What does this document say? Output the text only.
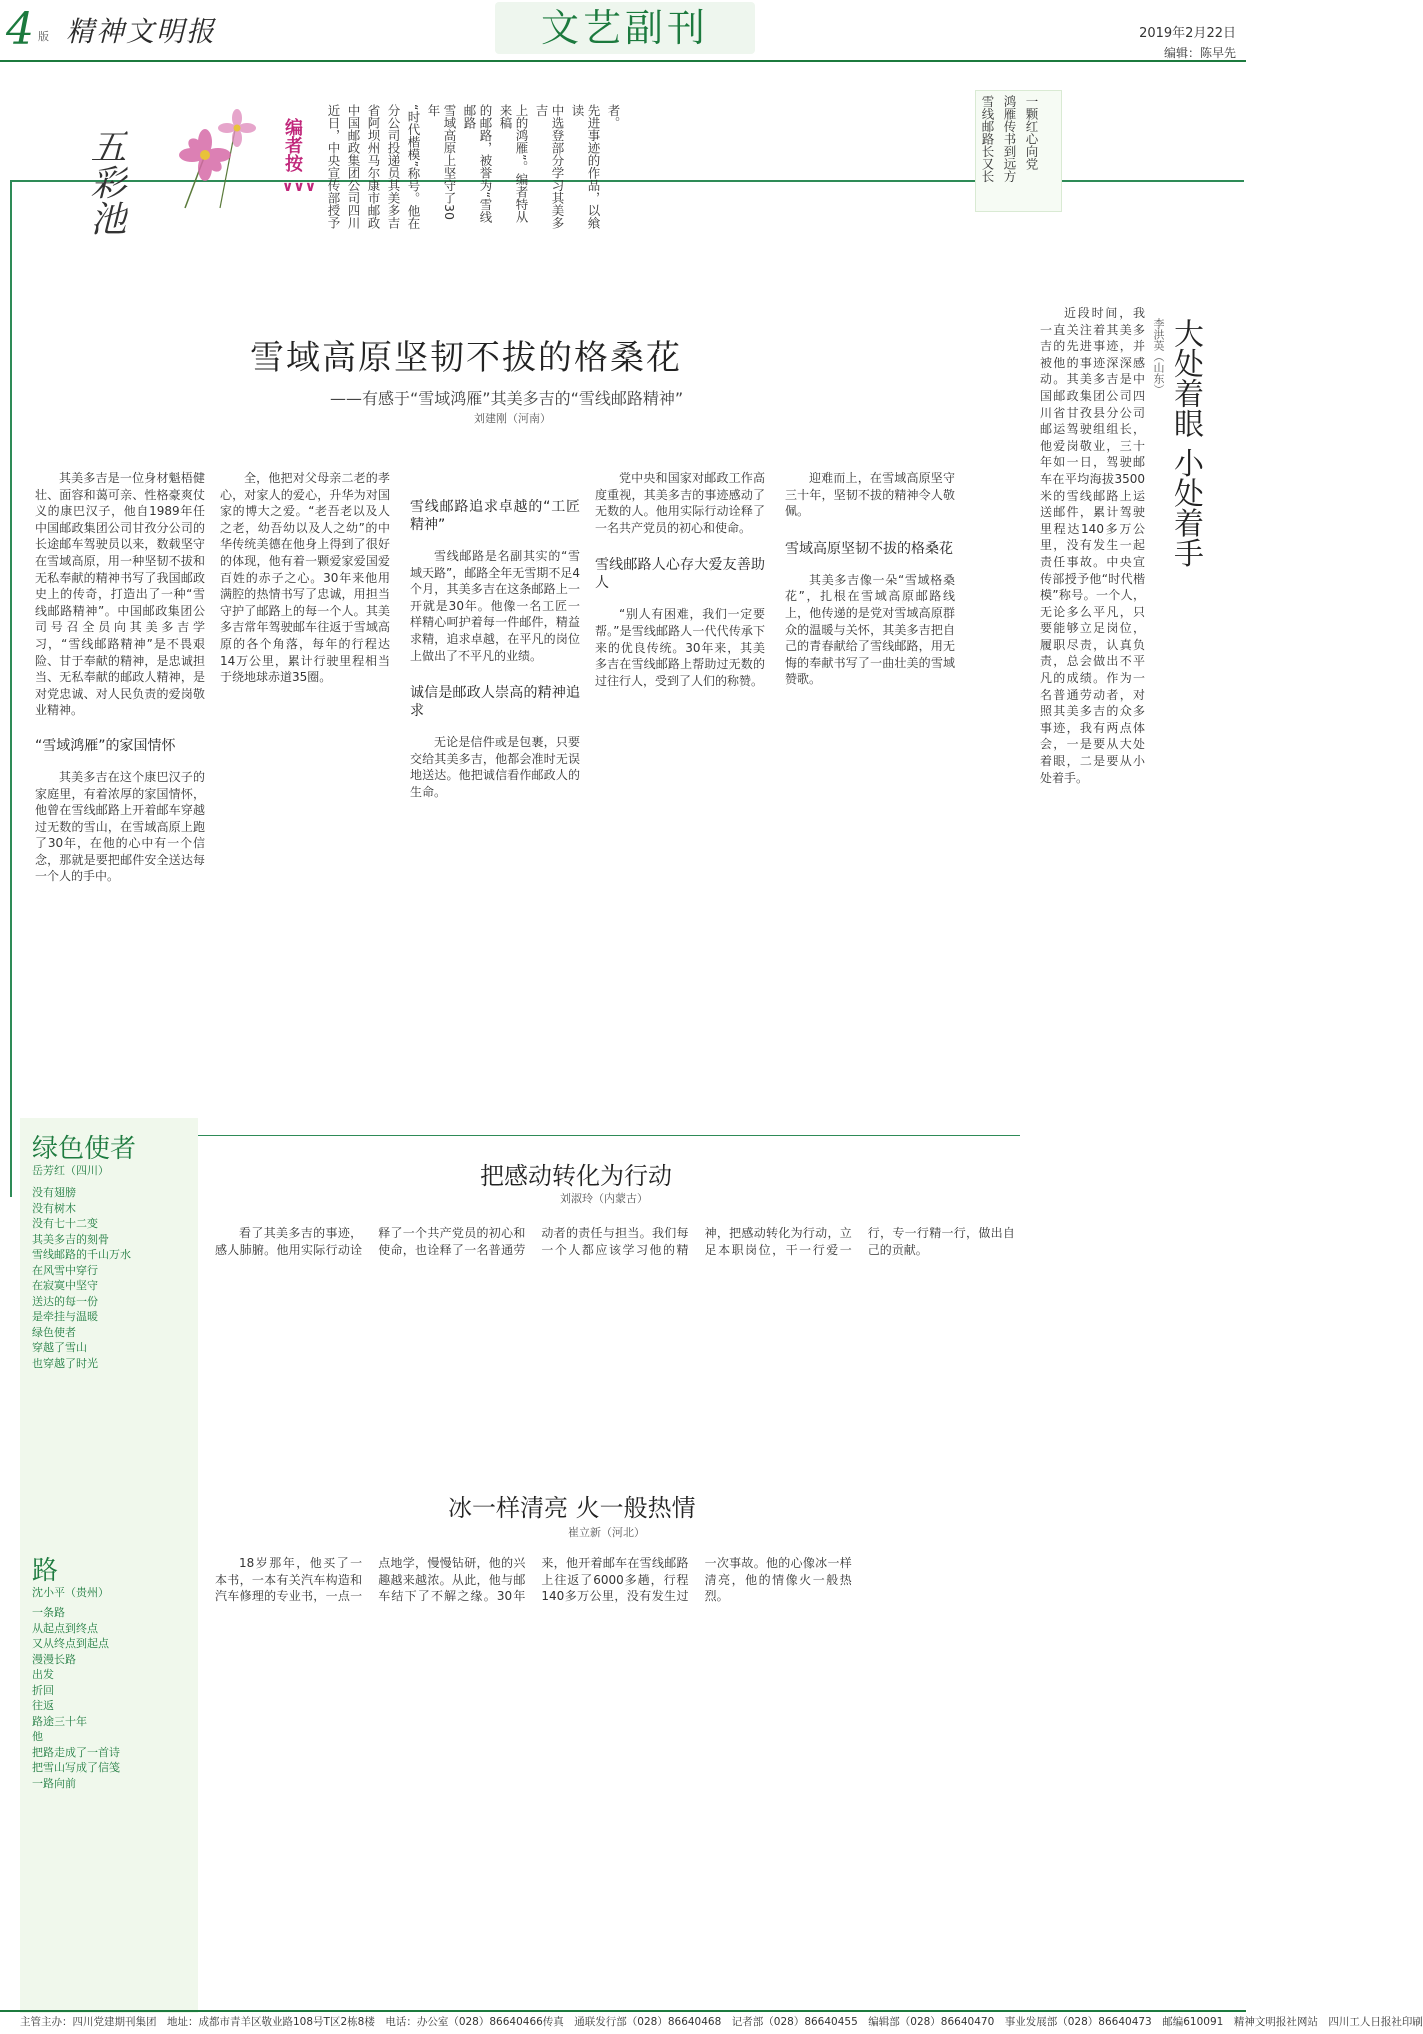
4 版 精神文明报	文艺副刊	2019年2月22日
编辑：陈早先
五彩池	编者按
∨∨∨ 近日，中央宣传部授予 中国邮政集团公司四川 省阿坝州马尔康市邮政 分公司投递员其美多吉 “时代楷模”称号。他在 雪域高原上坚守了30年	的邮路，被誉为“雪线邮路	上的鸿雁”。编者特从来稿	中选登部分学习其美多吉	先进事迹的作品，以飨读 者。	雪线邮路长又长 鸿雁传书到远方 一颗红心向党
雪域高原坚韧不拔的格桑花
——有感于“雪域鸿雁”其美多吉的“雪线邮路精神”
刘建刚（河南）

其美多吉是一位身材魁梧健壮、面容和蔼可亲、性格豪爽仗义的康巴汉子，他自1989年任中国邮政集团公司甘孜分公司的长途邮车驾驶员以来，数载坚守在雪域高原，用一种坚韧不拔和无私奉献的精神书写了我国邮政史上的传奇，打造出了一种“雪线邮路精神”。中国邮政集团公司号召全员向其美多吉学习，“雪线邮路精神”是不畏艰险、甘于奉献的精神，是忠诚担当、无私奉献的邮政人精神，是对党忠诚、对人民负责的爱岗敬业精神。

“雪域鸿雁”的家国情怀

其美多吉在这个康巴汉子的家庭里，有着浓厚的家国情怀，他曾在雪线邮路上开着邮车穿越过无数的雪山，在雪域高原上跑了30年，在他的心中有一个信念，那就是要把邮件安全送达每一个人的手中。

全，他把对父母亲二老的孝心，对家人的爱心，升华为对国家的博大之爱。“老吾老以及人之老，幼吾幼以及人之幼”的中华传统美德在他身上得到了很好的体现，他有着一颗爱家爱国爱百姓的赤子之心。30年来他用满腔的热情书写了忠诚，用担当守护了邮路上的每一个人。其美多吉常年驾驶邮车往返于雪域高原的各个角落，每年的行程达14万公里，累计行驶里程相当于绕地球赤道35圈。

雪线邮路追求卓越的“工匠精神”

雪线邮路是名副其实的“雪域天路”，邮路全年无雪期不足4个月，其美多吉在这条邮路上一开就是30年。他像一名工匠一样精心呵护着每一件邮件，精益求精，追求卓越，在平凡的岗位上做出了不平凡的业绩。

诚信是邮政人崇高的精神追求

无论是信件或是包裹，只要交给其美多吉，他都会准时无误地送达。他把诚信看作邮政人的生命。

党中央和国家对邮政工作高度重视，其美多吉的事迹感动了无数的人。他用实际行动诠释了一名共产党员的初心和使命。

雪线邮路人心存大爱友善助人

“别人有困难，我们一定要帮。”是雪线邮路人一代代传承下来的优良传统。30年来，其美多吉在雪线邮路上帮助过无数的过往行人，受到了人们的称赞。

迎难而上，在雪域高原坚守三十年，坚韧不拔的精神令人敬佩。

雪域高原坚韧不拔的格桑花

其美多吉像一朵“雪域格桑花”，扎根在雪域高原邮路线上，他传递的是党对雪域高原群众的温暖与关怀，其美多吉把自己的青春献给了雪线邮路，用无悔的奉献书写了一曲壮美的雪域赞歌。

大处着眼 小处着手
李洪英（山东）

近段时间，我一直关注着其美多吉的先进事迹，并被他的事迹深深感动。其美多吉是中国邮政集团公司四川省甘孜县分公司邮运驾驶组组长，他爱岗敬业，三十年如一日，驾驶邮车在平均海拔3500米的雪线邮路上运送邮件，累计驾驶里程达140多万公里，没有发生一起责任事故。中央宣传部授予他“时代楷模”称号。一个人，无论多么平凡，只要能够立足岗位，履职尽责，认真负责，总会做出不平凡的成绩。作为一名普通劳动者，对照其美多吉的众多事迹，我有两点体会，一是要从大处着眼，二是要从小处着手。

绿色使者
岳芳红（四川）
没有翅膀
没有树木
没有七十二变
其美多吉的刻骨
雪线邮路的千山万水
在风雪中穿行
在寂寞中坚守
送达的每一份
是牵挂与温暖
绿色使者
穿越了雪山
也穿越了时光
路
沈小平（贵州）
一条路
从起点到终点
又从终点到起点
漫漫长路
出发
折回
往返
路途三十年
他
把路走成了一首诗
把雪山写成了信笺
一路向前
把感动转化为行动
刘淑玲（内蒙古）

看了其美多吉的事迹，感人肺腑。他用实际行动诠释了一个共产党员的初心和使命，也诠释了一名普通劳动者的责任与担当。我们每一个人都应该学习他的精神，把感动转化为行动，立足本职岗位，干一行爱一行，专一行精一行，做出自己的贡献。

冰一样清亮 火一般热情
崔立新（河北）

18岁那年，他买了一本书，一本有关汽车构造和汽车修理的专业书，一点一点地学，慢慢钻研，他的兴趣越来越浓。从此，他与邮车结下了不解之缘。30年来，他开着邮车在雪线邮路上往返了6000多趟，行程140多万公里，没有发生过一次事故。他的心像冰一样清亮，他的情像火一般热烈。

主管主办：四川党建期刊集团　地址：成都市青羊区敬业路108号T区2栋8楼　电话：办公室（028）86640466传真　通联发行部（028）86640468　记者部（028）86640455　编辑部（028）86640470　事业发展部（028）86640473　邮编610091　精神文明报社网站　四川工人日报社印刷
